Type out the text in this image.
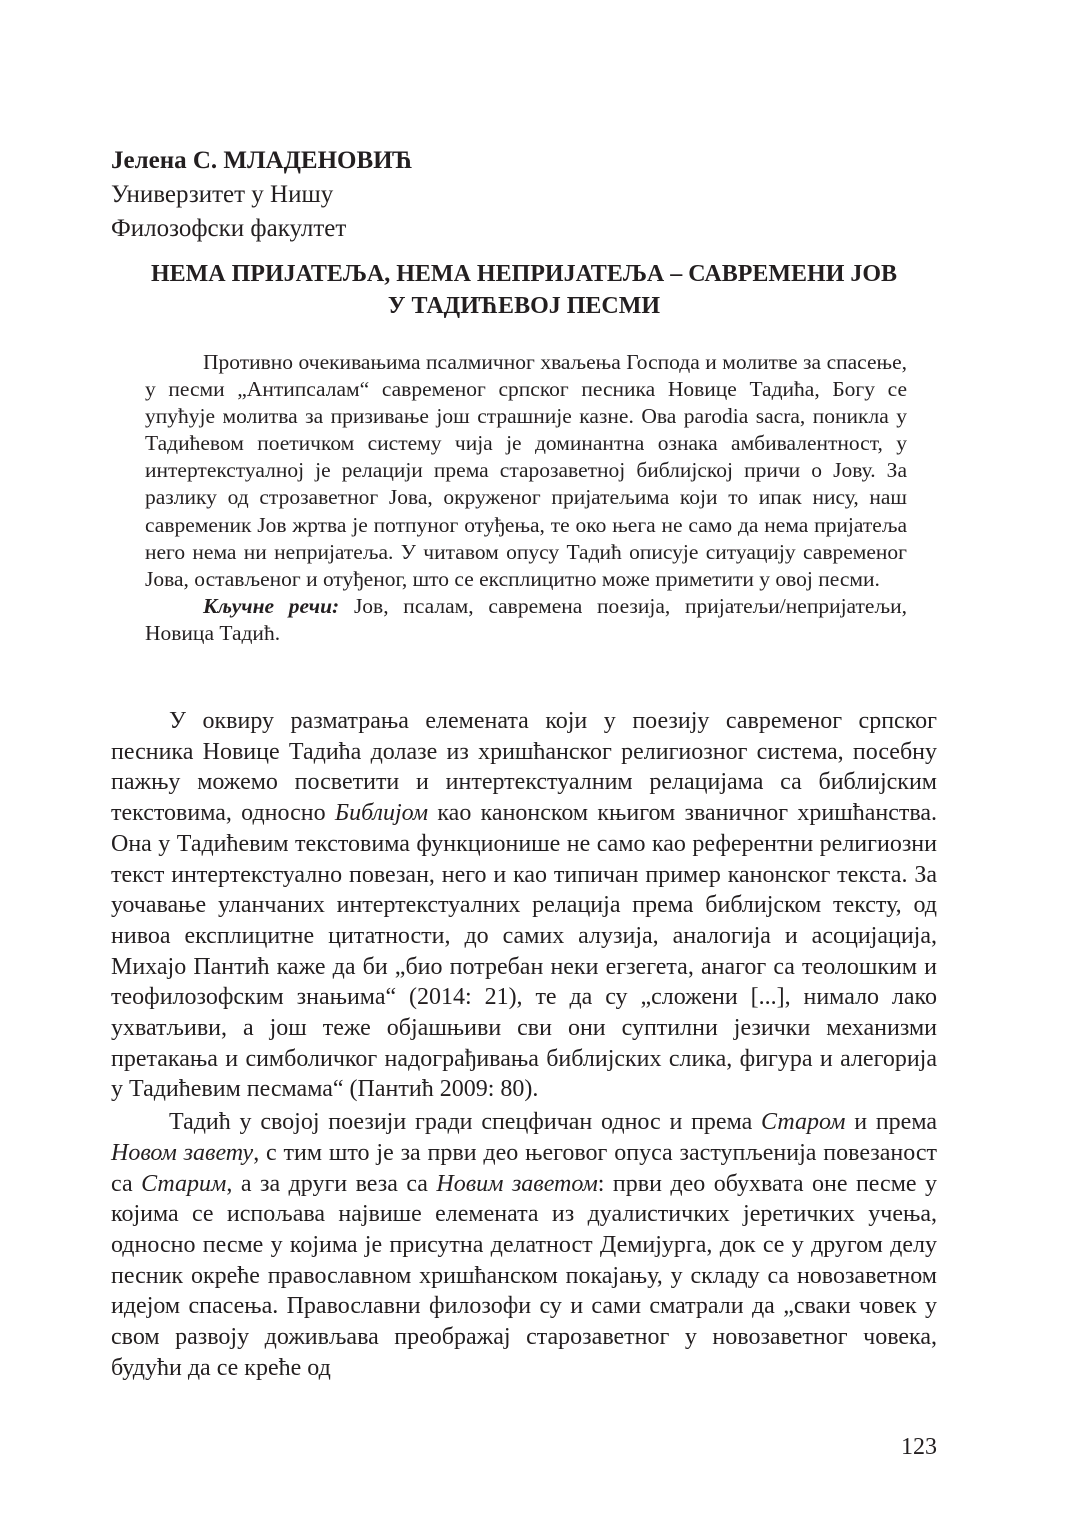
Јелена С. МЛАДЕНОВИЋ
Универзитет у Нишу
Филозофски факултет
НЕМА ПРИЈАТЕЉА, НЕМА НЕПРИЈАТЕЉА – САВРЕМЕНИ ЈОВ
У ТАДИЋЕВОЈ ПЕСМИ

Противно очекивањима псалмичног хваљења Господа и молитве за спасење, у песми „Антипсалам“ савременог српског песника Новице Тадића, Богу се упућује молитва за призивање још страшније казне. Ова parodia sacra, поникла у Тадићевом поетичком систему чија је доминантна ознака амбивалентност, у интертекстуалној је релацији према старозаветној библијској причи о Јову. За разлику од строзаветног Јова, окруженог пријатељима који то ипак нису, наш савременик Јов жртва је потпуног отуђења, те око њега не само да нема пријатеља него нема ни непријатеља. У читавом опусу Тадић описује ситуацију савременог Јова, остављеног и отуђеног, што се експлицитно може приметити у овој песми.

Кључне речи: Јов, псалам, савремена поезија, пријатељи/непријатељи, Новица Тадић.

У оквиру разматрања елемената који у поезију савременог српског песника Новице Тадића долазе из хришћанског религиозног система, посебну пажњу можемо посветити и интертекстуалним релацијама са библијским текстовима, односно Библијом као канонском књигом званичног хришћанства. Она у Тадићевим текстовима функционише не само као референтни религиозни текст интертекстуално повезан, него и као типичан пример канонског текста. За уочавање уланчаних интертекстуалних релација према библијском тексту, од нивоа експлицитне цитатности, до самих алузија, аналогија и асоцијација, Михајо Пантић каже да би „био потребан неки егзегета, анагог са теолошким и теофилозофским знањима“ (2014: 21), те да су „сложени [...], нимало лако ухватљиви, а још теже објашњиви сви они суптилни језички механизми претакања и симболичког надограђивања библијских слика, фигура и алегорија у Тадићевим песмама“ (Пантић 2009: 80).

Тадић у својој поезији гради спецфичан однос и према Старом и према Новом завету, с тим што је за први део његовог опуса заступљенија повезаност са Старим, а за други веза са Новим заветом: први део обухвата оне песме у којима се испољава највише елемената из дуалистичких јеретичких учења, односно песме у којима је присутна делатност Демијурга, док се у другом делу песник окреће православном хришћанском покајању, у складу са новозаветном идејом спасења. Православни филозофи су и сами сматрали да „сваки човек у свом развоју доживљава преображај старозаветног у новозаветног човека, будући да се креће од

123
